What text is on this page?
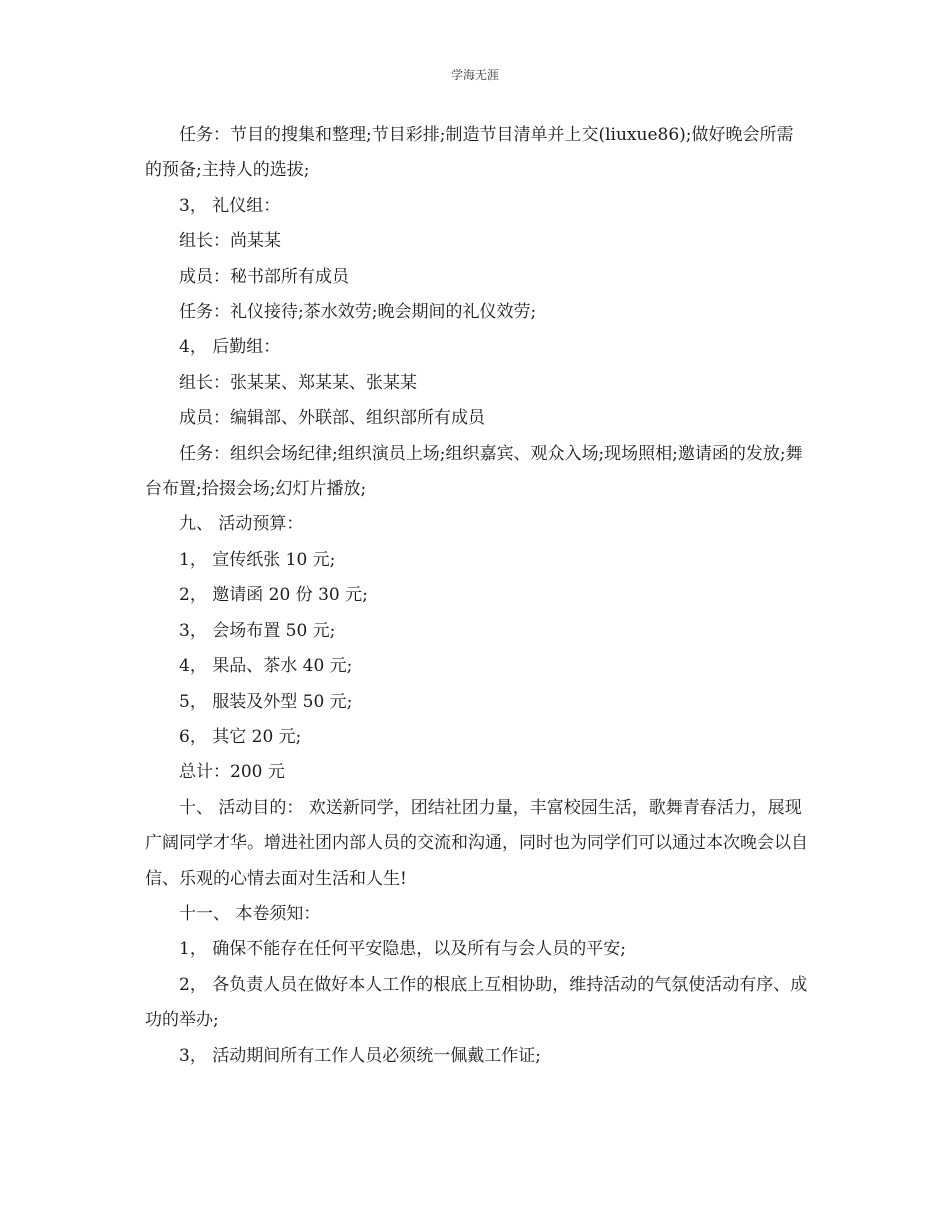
学海无涯

任务：节目的搜集和整理;节目彩排;制造节目清单并上交(liuxue86);做好晚会所需的预备;主持人的选拔;

3， 礼仪组：

组长：尚某某

成员：秘书部所有成员

任务：礼仪接待;茶水效劳;晚会期间的礼仪效劳;

4， 后勤组：

组长：张某某、郑某某、张某某

成员：编辑部、外联部、组织部所有成员

任务：组织会场纪律;组织演员上场;组织嘉宾、观众入场;现场照相;邀请函的发放;舞台布置;拾掇会场;幻灯片播放;

九、 活动预算：

1， 宣传纸张 10 元;

2， 邀请函 20 份 30 元;

3， 会场布置 50 元;

4， 果品、茶水 40 元;

5， 服装及外型 50 元;

6， 其它 20 元;

总计：200 元

十、 活动目的： 欢送新同学，团结社团力量，丰富校园生活，歌舞青春活力，展现广阔同学才华。增进社团内部人员的交流和沟通，同时也为同学们可以通过本次晚会以自信、乐观的心情去面对生活和人生!

十一、 本卷须知：

1， 确保不能存在任何平安隐患，以及所有与会人员的平安;

2， 各负责人员在做好本人工作的根底上互相协助，维持活动的气氛使活动有序、成功的举办;

3， 活动期间所有工作人员必须统一佩戴工作证;
